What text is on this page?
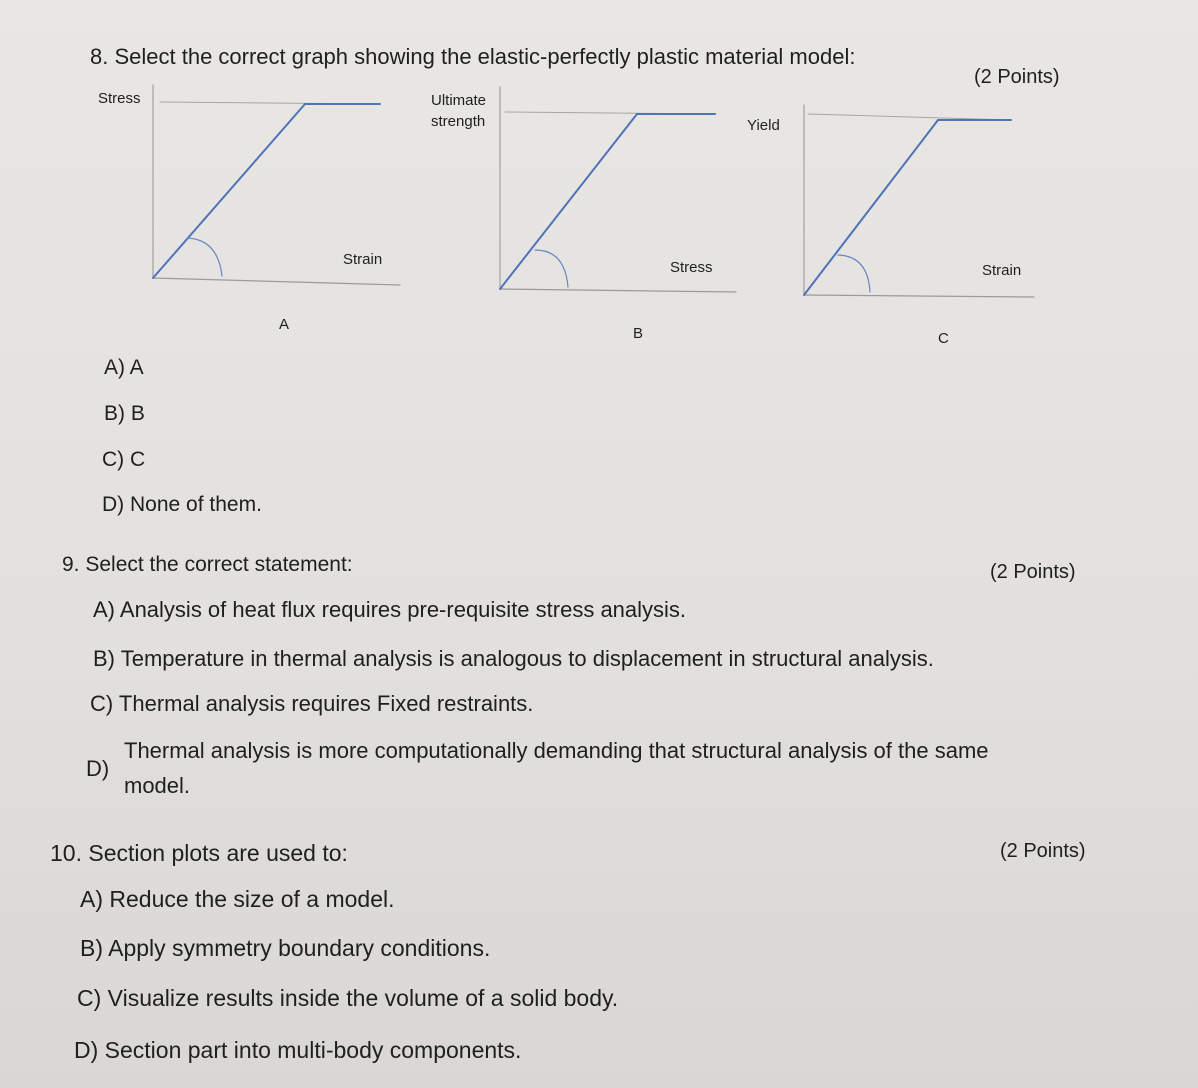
8. Select the correct graph showing the elastic-perfectly plastic material model:
(2 Points)
Stress
Strain
A
Ultimate strength
Stress
B
Yield
Strain
C
A) A
B) B
C) C
D) None of them.
9. Select the correct statement:	(2 Points)
A) Analysis of heat flux requires pre-requisite stress analysis.
B) Temperature in thermal analysis is analogous to displacement in structural analysis.
C) Thermal analysis requires Fixed restraints.
D)
Thermal analysis is more computationally demanding that structural analysis of the same
model.
10. Section plots are used to:	(2 Points)
A) Reduce the size of a model.
B) Apply symmetry boundary conditions.
C) Visualize results inside the volume of a solid body.
D) Section part into multi-body components.
